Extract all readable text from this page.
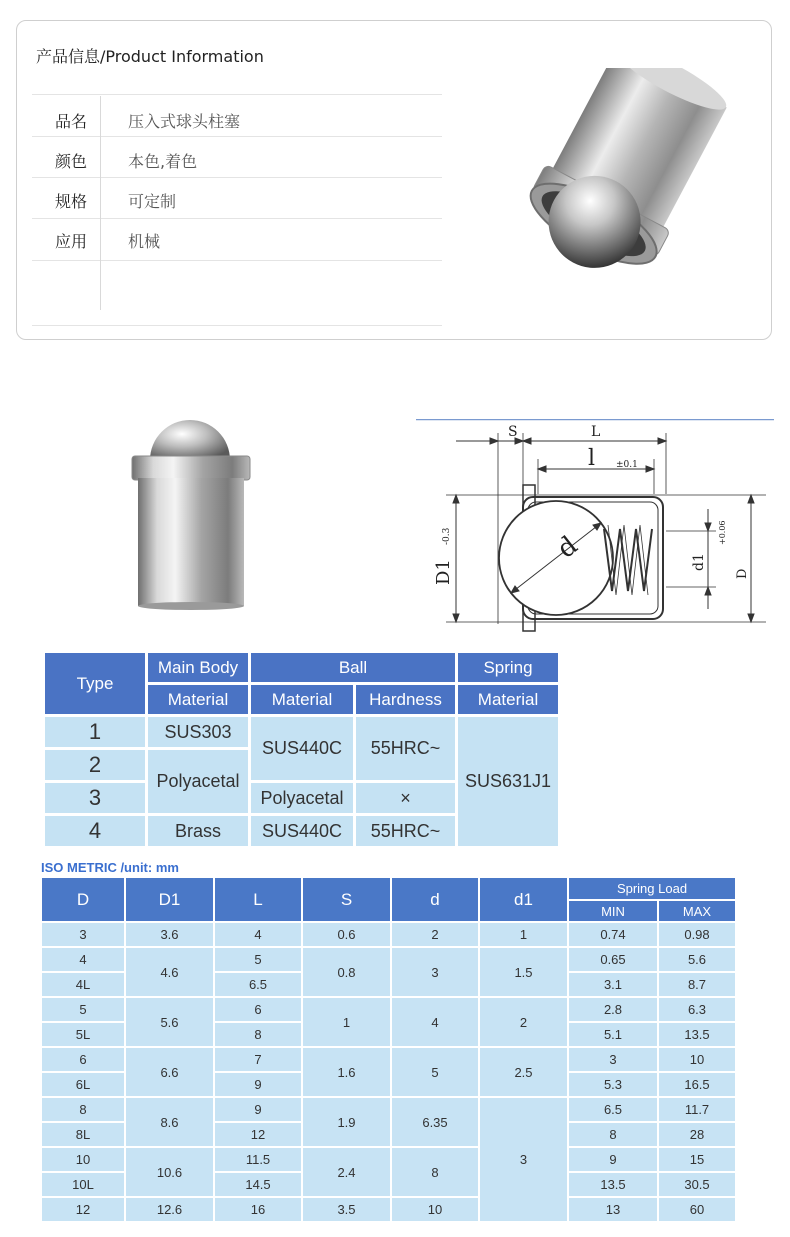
产品信息/Product Information
品名	压入式球头柱塞
颜色	本色,着色
规格	可定制
应用	机械
S	L
l ±0.1
d
D1
-0.3
d1
+0.06
D
Type	Main Body	Ball		Spring
	Material	Material	Hardness	Material
1	SUS303	SUS440C	55HRC~	SUS631J1
2	Polyacetal			
3		Polyacetal	×	
4	Brass	SUS440C	55HRC~	
ISO METRIC /unit: mm
D	D1	L	S	d	d1	Spring Load	
						MIN	MAX
3	3.6	4	0.6	2	1	0.74	0.98
4	4.6	5	0.8	3	1.5	0.65	5.6
4L		6.5				3.1	8.7
5	5.6	6	1	4	2	2.8	6.3
5L		8				5.1	13.5
6	6.6	7	1.6	5	2.5	3	10
6L		9				5.3	16.5
8	8.6	9	1.9	6.35	3	6.5	11.7
8L		12				8	28
10	10.6	11.5	2.4	8		9	15
10L		14.5				13.5	30.5
12	12.6	16	3.5	10		13	60
